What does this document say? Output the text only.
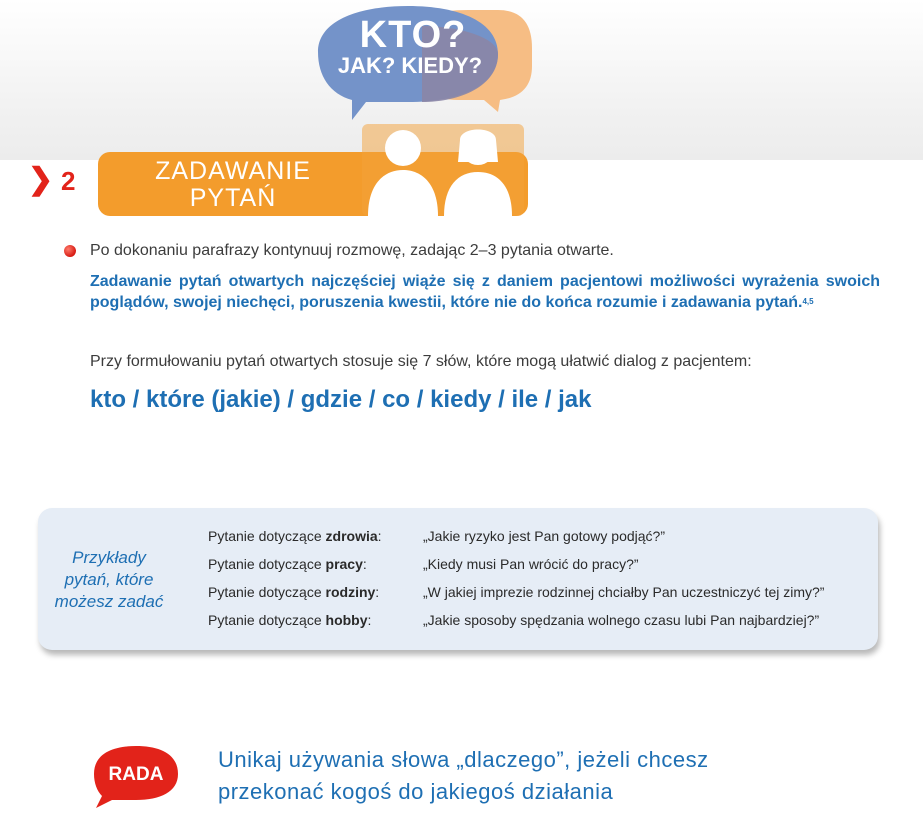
KTO?
JAK? KIEDY?
ZADAWANIE
PYTAŃ
❯ 2
Po dokonaniu parafrazy kontynuuj rozmowę, zadając 2–3 pytania otwarte.
Zadawanie pytań otwartych najczęściej wiąże się z daniem pacjentowi możliwości wyrażenia swoich poglądów, swojej niechęci, poruszenia kwestii, które nie do końca rozumie i zadawania pytań.$^{4,5}$
Przy formułowaniu pytań otwartych stosuje się 7 słów, które mogą ułatwić dialog z pacjentem:
kto / które (jakie) / gdzie / co / kiedy / ile / jak
Przykłady
pytań, które
możesz zadać
Pytanie dotyczące zdrowia:	„Jakie ryzyko jest Pan gotowy podjąć?”
Pytanie dotyczące pracy:	„Kiedy musi Pan wrócić do pracy?”
Pytanie dotyczące rodziny:	„W jakiej imprezie rodzinnej chciałby Pan uczestniczyć tej zimy?”
Pytanie dotyczące hobby:	„Jakie sposoby spędzania wolnego czasu lubi Pan najbardziej?”
RADA
Unikaj używania słowa „dlaczego”, jeżeli chcesz
przekonać kogoś do jakiegoś działania
